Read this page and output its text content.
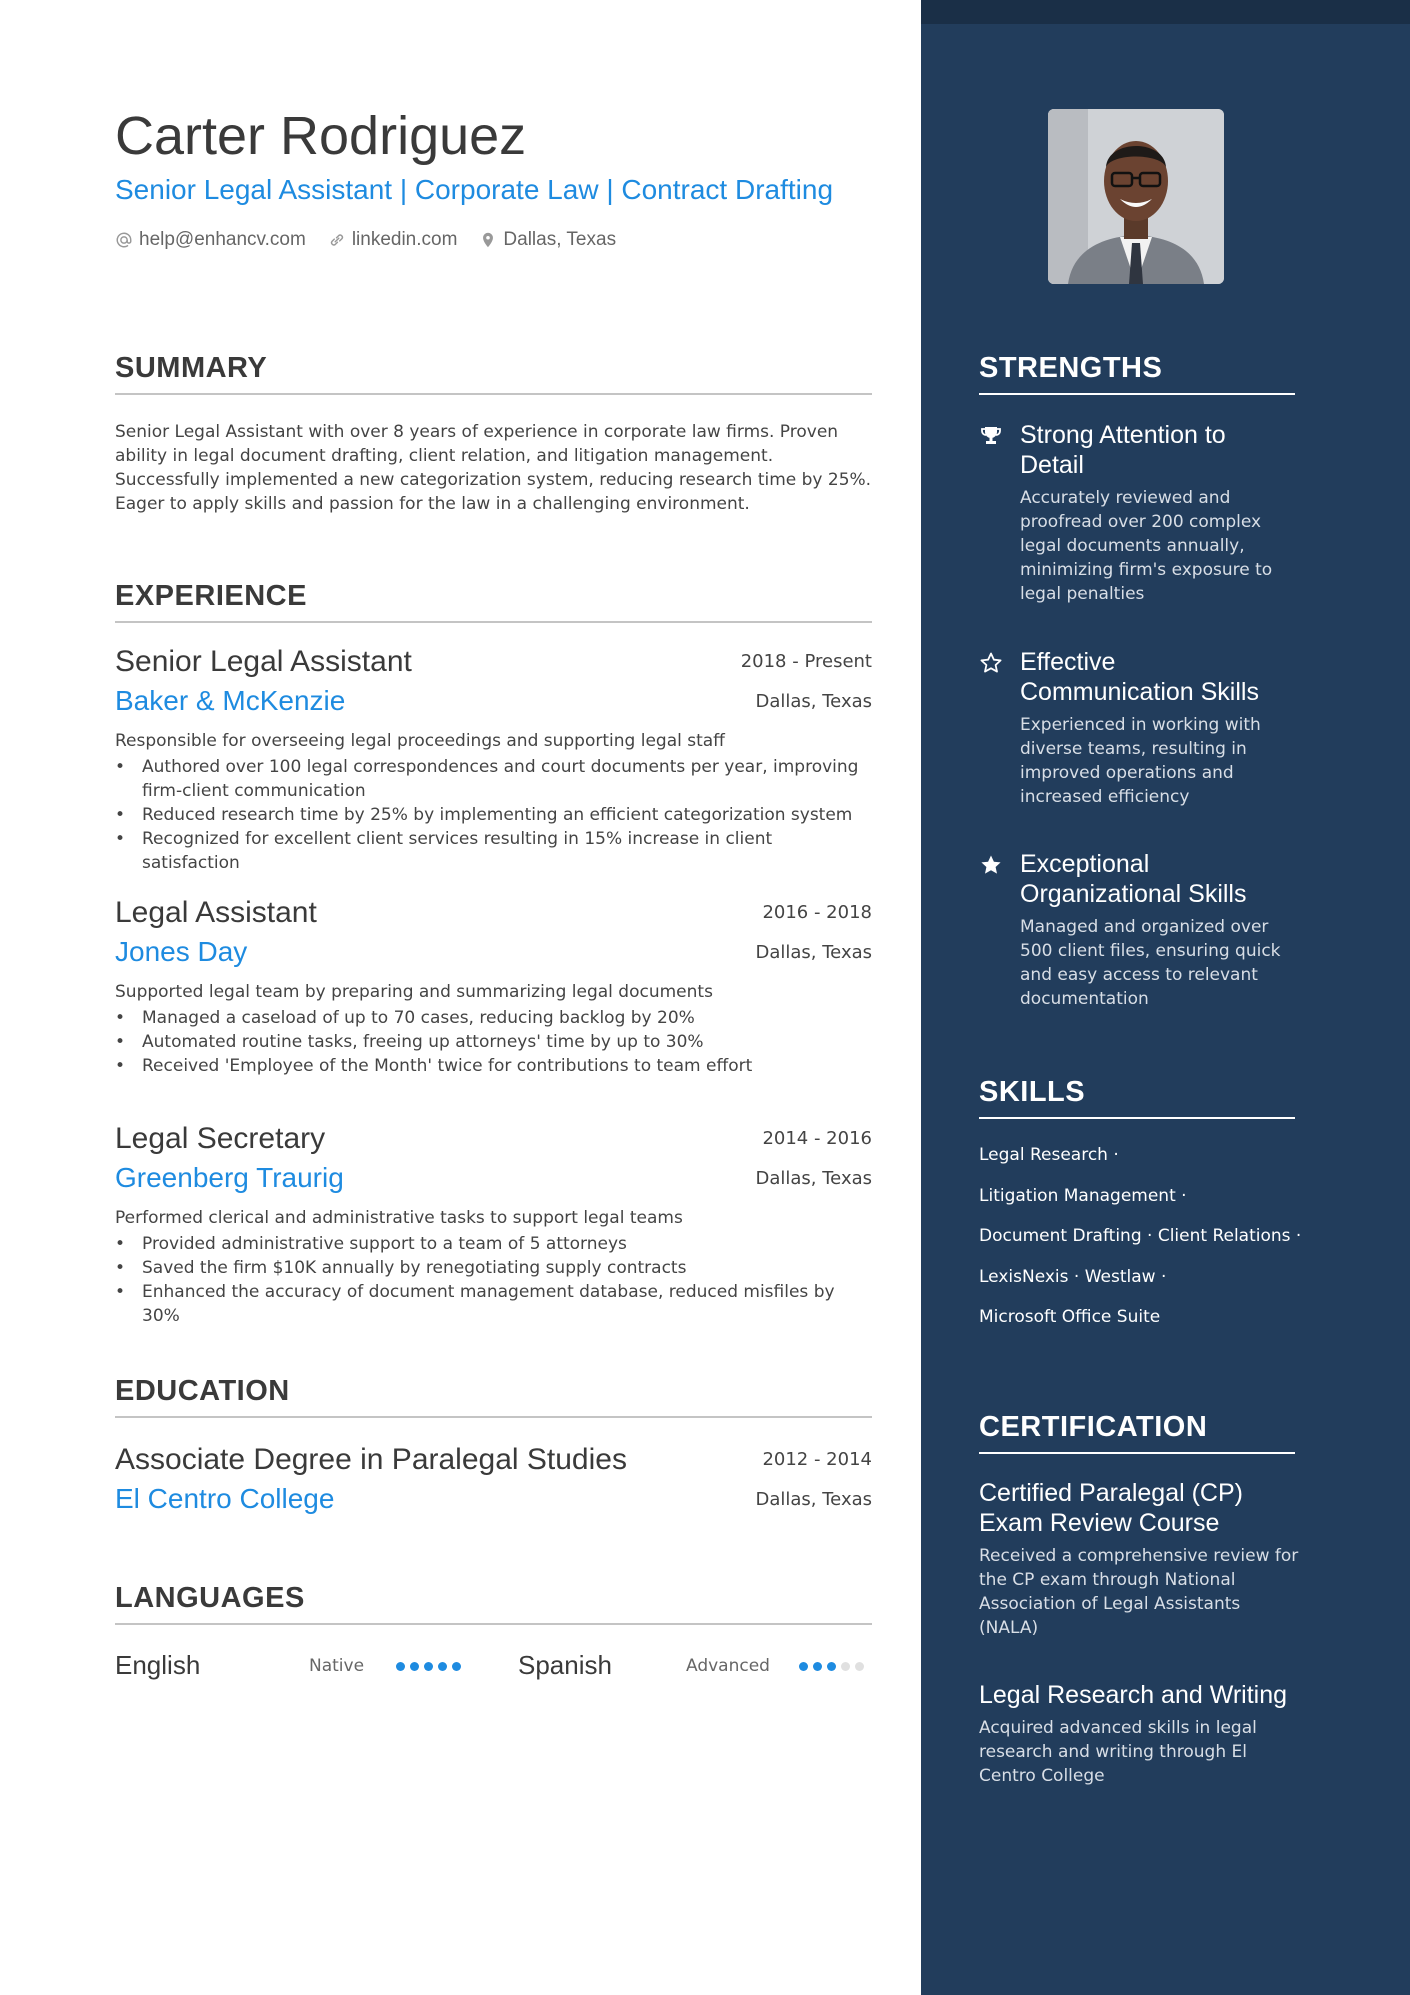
Carter Rodriguez
Senior Legal Assistant | Corporate Law | Contract Drafting
help@enhancv.com linkedin.com Dallas, Texas
SUMMARY

Senior Legal Assistant with over 8 years of experience in corporate law firms. Proven ability in legal document drafting, client relation, and litigation management. Successfully implemented a new categorization system, reducing research time by 25%. Eager to apply skills and passion for the law in a challenging environment.

EXPERIENCE
Senior Legal Assistant	2018 - Present
Baker & McKenzie	Dallas, Texas
Responsible for overseeing legal proceedings and supporting legal staff
• Authored over 100 legal correspondences and court documents per year, improving firm-client communication
• Reduced research time by 25% by implementing an efficient categorization system
• Recognized for excellent client services resulting in 15% increase in client satisfaction
Legal Assistant	2016 - 2018
Jones Day	Dallas, Texas
Supported legal team by preparing and summarizing legal documents
• Managed a caseload of up to 70 cases, reducing backlog by 20%
• Automated routine tasks, freeing up attorneys' time by up to 30%
• Received 'Employee of the Month' twice for contributions to team effort
Legal Secretary	2014 - 2016
Greenberg Traurig	Dallas, Texas
Performed clerical and administrative tasks to support legal teams
• Provided administrative support to a team of 5 attorneys
• Saved the firm $10K annually by renegotiating supply contracts
• Enhanced the accuracy of document management database, reduced misfiles by 30%
EDUCATION
Associate Degree in Paralegal Studies	2012 - 2014
El Centro College	Dallas, Texas
LANGUAGES
English	Native	Spanish	Advanced
STRENGTHS
Strong Attention to Detail
Accurately reviewed and proofread over 200 complex legal documents annually, minimizing firm's exposure to legal penalties
Effective Communication Skills
Experienced in working with diverse teams, resulting in improved operations and increased efficiency
Exceptional Organizational Skills
Managed and organized over 500 client files, ensuring quick and easy access to relevant documentation
SKILLS
Legal Research ·
Litigation Management ·
Document Drafting · Client Relations ·
LexisNexis · Westlaw ·
Microsoft Office Suite
CERTIFICATION
Certified Paralegal (CP) Exam Review Course
Received a comprehensive review for the CP exam through National Association of Legal Assistants (NALA)
Legal Research and Writing
Acquired advanced skills in legal research and writing through El Centro College
